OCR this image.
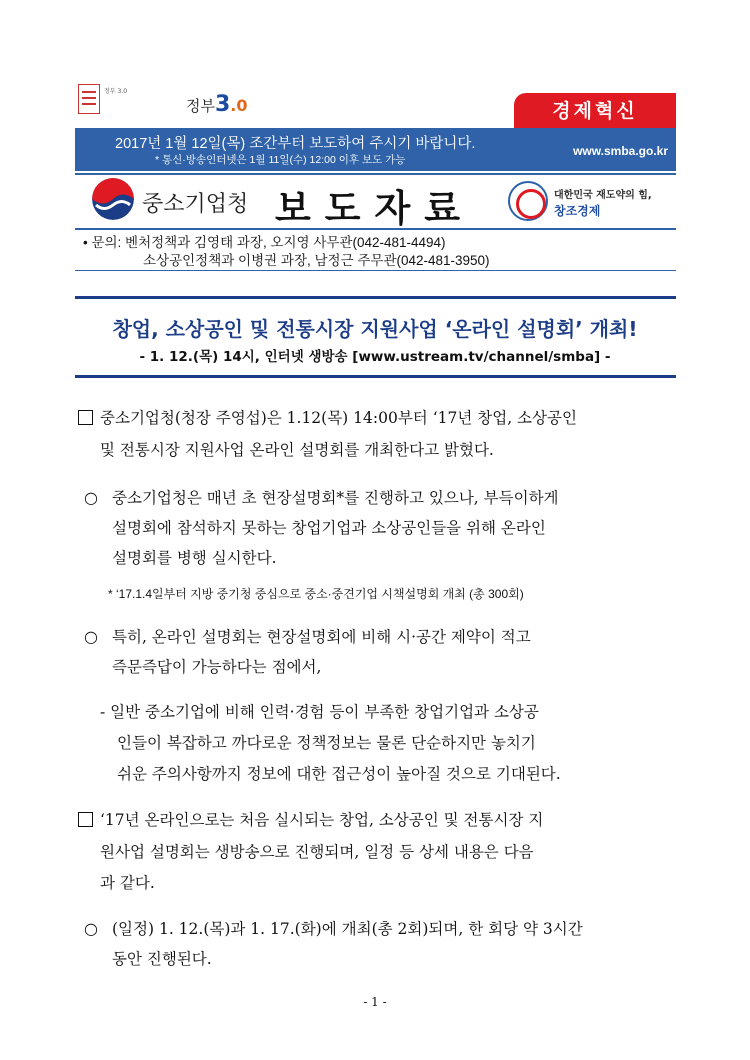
정부 3.0
정부3.0	경제혁신
2017년 1월 12일(목) 조간부터 보도하여 주시기 바랍니다.
* 통신·방송인터넷은 1월 11일(수) 12:00 이후 보도 가능
www.smba.go.kr
중소기업청 보도자료	대한민국 재도약의 힘,
창조경제
• 문의: 벤처정책과 김영태 과장, 오지영 사무관(042-481-4494)
소상공인정책과 이병권 과장, 남정근 주무관(042-481-3950)
창업, 소상공인 및 전통시장 지원사업 ‘온라인 설명회’ 개최!
- 1. 12.(목) 14시, 인터넷 생방송 [www.ustream.tv/channel/smba] -
중소기업청(청장 주영섭)은 1.12(목) 14:00부터 ‘17년 창업, 소상공인
및 전통시장 지원사업 온라인 설명회를 개최한다고 밝혔다.
○ 중소기업청은 매년 초 현장설명회*를 진행하고 있으나, 부득이하게
설명회에 참석하지 못하는 창업기업과 소상공인들을 위해 온라인
설명회를 병행 실시한다.
* ‘17.1.4일부터 지방 중기청 중심으로 중소·중견기업 시책설명회 개최 (총 300회)
○ 특히, 온라인 설명회는 현장설명회에 비해 시·공간 제약이 적고
즉문즉답이 가능하다는 점에서,
- 일반 중소기업에 비해 인력·경험 등이 부족한 창업기업과 소상공
인들이 복잡하고 까다로운 정책정보는 물론 단순하지만 놓치기
쉬운 주의사항까지 정보에 대한 접근성이 높아질 것으로 기대된다.
‘17년 온라인으로는 처음 실시되는 창업, 소상공인 및 전통시장 지
원사업 설명회는 생방송으로 진행되며, 일정 등 상세 내용은 다음
과 같다.
○ (일정) 1. 12.(목)과 1. 17.(화)에 개최(총 2회)되며, 한 회당 약 3시간
동안 진행된다.
- 1 -
